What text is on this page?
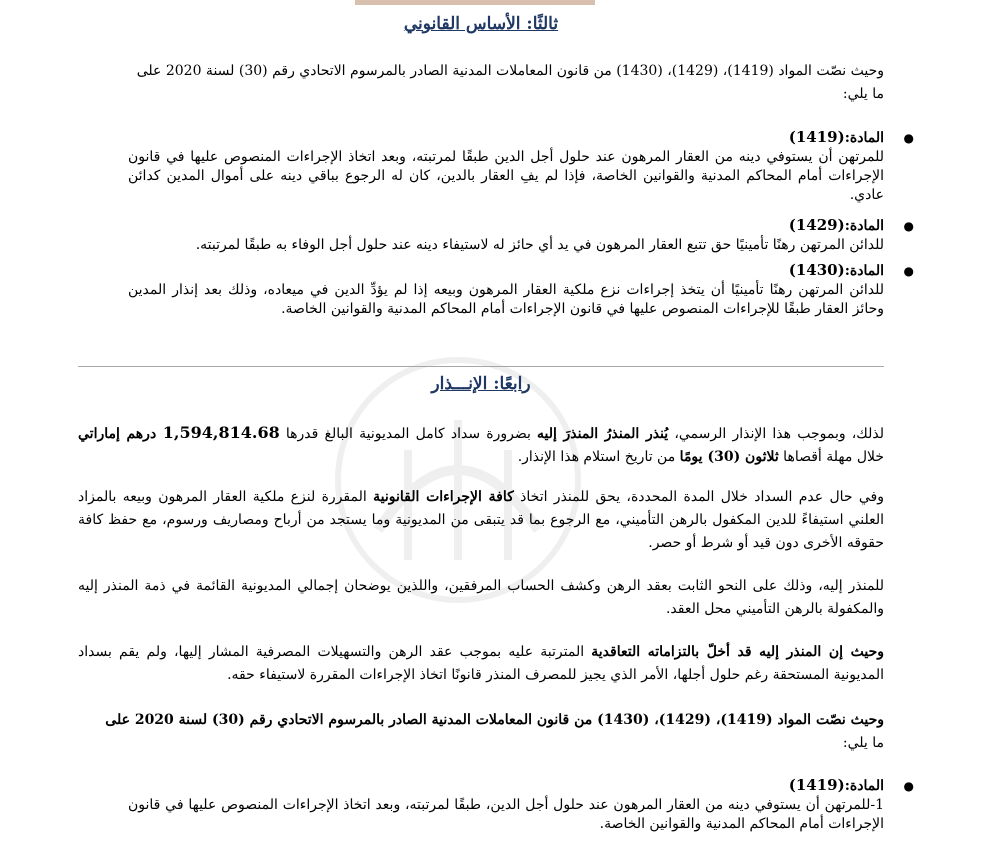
ثالثًا: الأساس القانوني

وحيث نصّت المواد (1419)، (1429)، (1430) من قانون المعاملات المدنية الصادر بالمرسوم الاتحادي رقم (30) لسنة 2020 على
ما يلي:

●
المادة:(1419)

للمرتهن أن يستوفي دينه من العقار المرهون عند حلول أجل الدين طبقًا لمرتبته، وبعد اتخاذ الإجراءات المنصوص عليها في قانون الإجراءات أمام المحاكم المدنية والقوانين الخاصة، فإذا لم يفِ العقار بالدين، كان له الرجوع بباقي دينه على أموال المدين كدائن عادي.

●
المادة:(1429)

للدائن المرتهن رهنًا تأمينيًا حق تتبع العقار المرهون في يد أي حائز له لاستيفاء دينه عند حلول أجل الوفاء به طبقًا لمرتبته.

●
المادة:(1430)

للدائن المرتهن رهنًا تأمينيًا أن يتخذ إجراءات نزع ملكية العقار المرهون وبيعه إذا لم يؤدِّ الدين في ميعاده، وذلك بعد إنذار المدين وحائز العقار طبقًا للإجراءات المنصوص عليها في قانون الإجراءات أمام المحاكم المدنية والقوانين الخاصة.

رابعًا: الإنـــذار

لذلك، وبموجب هذا الإنذار الرسمي، يُنذر المنذرُ المنذرَ إليه بضرورة سداد كامل المديونية البالغ قدرها 1,594,814.68 درهم إماراتي خلال مهلة أقصاها ثلاثون (30) يومًا من تاريخ استلام هذا الإنذار.

وفي حال عدم السداد خلال المدة المحددة، يحق للمنذر اتخاذ كافة الإجراءات القانونية المقررة لنزع ملكية العقار المرهون وبيعه بالمزاد العلني استيفاءً للدين المكفول بالرهن التأميني، مع الرجوع بما قد يتبقى من المديونية وما يستجد من أرباح ومصاريف ورسوم، مع حفظ كافة حقوقه الأخرى دون قيد أو شرط أو حصر.

للمنذر إليه، وذلك على النحو الثابت بعقد الرهن وكشف الحساب المرفقين، واللذين يوضحان إجمالي المديونية القائمة في ذمة المنذر إليه والمكفولة بالرهن التأميني محل العقد.

وحيث إن المنذر إليه قد أخلّ بالتزاماته التعاقدية المترتبة عليه بموجب عقد الرهن والتسهيلات المصرفية المشار إليها، ولم يقم بسداد المديونية المستحقة رغم حلول أجلها، الأمر الذي يجيز للمصرف المنذر قانونًا اتخاذ الإجراءات المقررة لاستيفاء حقه.

وحيث نصّت المواد (1419)، (1429)، (1430) من قانون المعاملات المدنية الصادر بالمرسوم الاتحادي رقم (30) لسنة 2020 على
ما يلي:

●
المادة:(1419)

1-للمرتهن أن يستوفي دينه من العقار المرهون عند حلول أجل الدين، طبقًا لمرتبته، وبعد اتخاذ الإجراءات المنصوص عليها في قانون الإجراءات أمام المحاكم المدنية والقوانين الخاصة.
